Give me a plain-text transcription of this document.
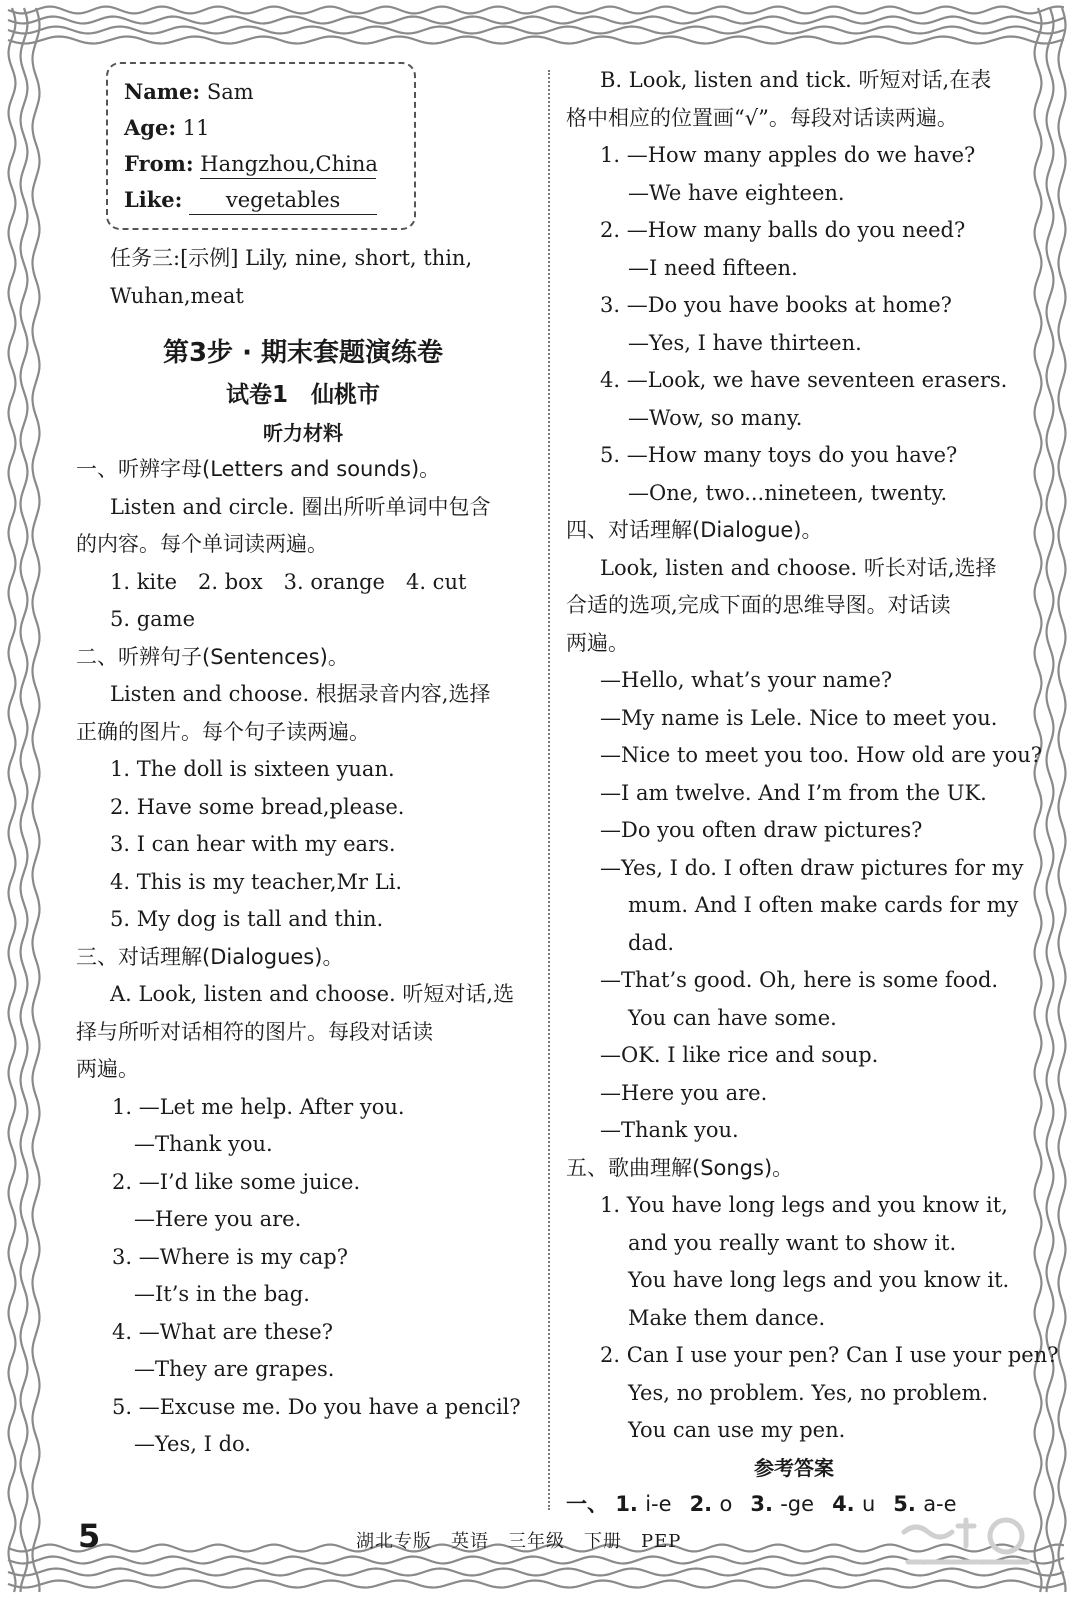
Name: Sam
Age: 11
From: Hangzhou,China
Like: vegetables
任务三:[示例] Lily, nine, short, thin,
Wuhan,meat
第3步 · 期末套题演练卷
试卷1　仙桃市
听力材料
一、听辨字母(Letters and sounds)。
Listen and circle. 圈出所听单词中包含
的内容。每个单词读两遍。
1. kite　2. box　3. orange　4. cut
5. game
二、听辨句子(Sentences)。
Listen and choose. 根据录音内容,选择
正确的图片。每个句子读两遍。
1. The doll is sixteen yuan.
2. Have some bread,please.
3. I can hear with my ears.
4. This is my teacher,Mr Li.
5. My dog is tall and thin.
三、对话理解(Dialogues)。
A. Look, listen and choose. 听短对话,选
择与所听对话相符的图片。每段对话读
两遍。
1. —Let me help. After you.
—Thank you.
2. —I’d like some juice.
—Here you are.
3. —Where is my cap?
—It’s in the bag.
4. —What are these?
—They are grapes.
5. —Excuse me. Do you have a pencil?
—Yes, I do.
B. Look, listen and tick. 听短对话,在表
格中相应的位置画“√”。每段对话读两遍。
1. —How many apples do we have?
—We have eighteen.
2. —How many balls do you need?
—I need fifteen.
3. —Do you have books at home?
—Yes, I have thirteen.
4. —Look, we have seventeen erasers.
—Wow, so many.
5. —How many toys do you have?
—One, two...nineteen, twenty.
四、对话理解(Dialogue)。
Look, listen and choose. 听长对话,选择
合适的选项,完成下面的思维导图。对话读
两遍。
—Hello, what’s your name?
—My name is Lele. Nice to meet you.
—Nice to meet you too. How old are you?
—I am twelve. And I’m from the UK.
—Do you often draw pictures?
—Yes, I do. I often draw pictures for my
mum. And I often make cards for my
dad.
—That’s good. Oh, here is some food.
You can have some.
—OK. I like rice and soup.
—Here you are.
—Thank you.
五、歌曲理解(Songs)。
1. You have long legs and you know it,
and you really want to show it.
You have long legs and you know it.
Make them dance.
2. Can I use your pen? Can I use your pen?
Yes, no problem. Yes, no problem.
You can use my pen.
参考答案
一、 1. i-e 2. o 3. -ge 4. u 5. a-e
5	湖北专版　英语　三年级　下册　PEP
